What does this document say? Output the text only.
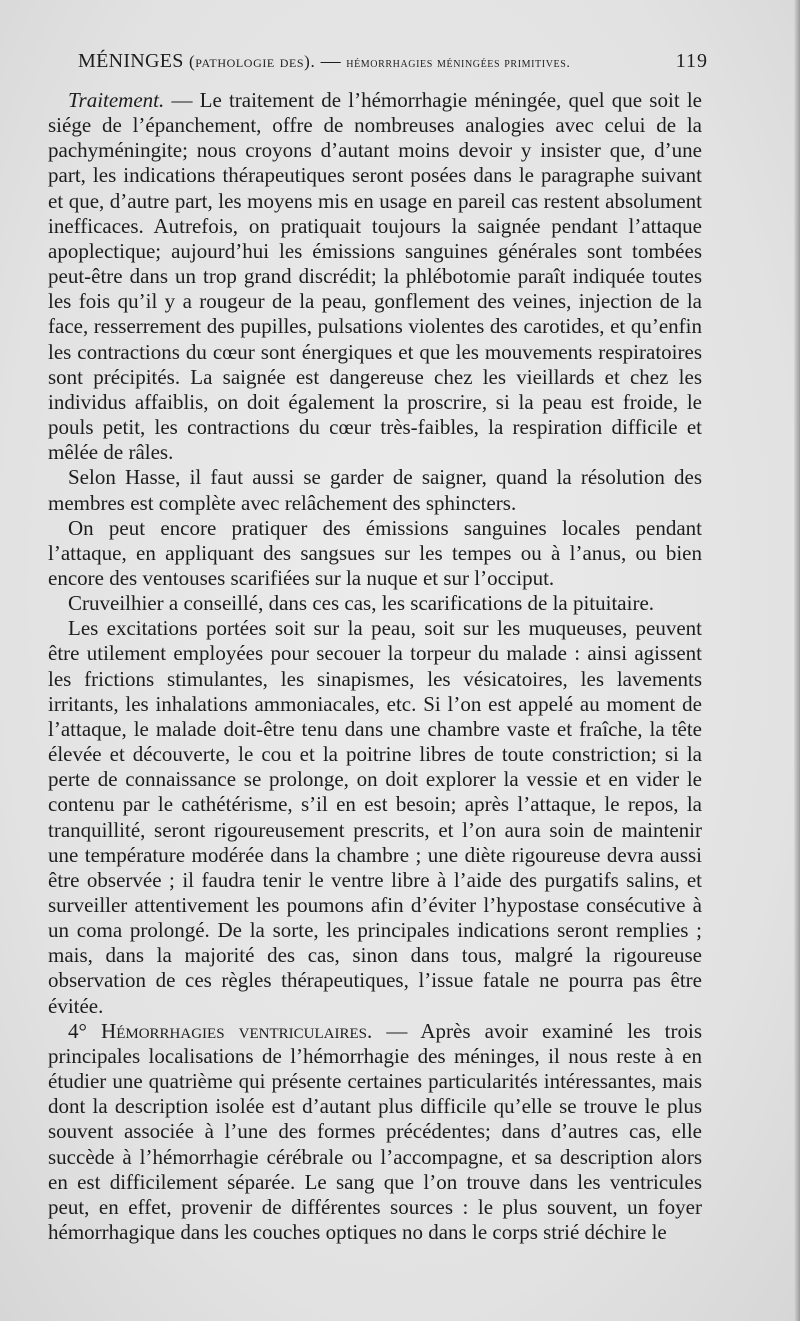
MÉNINGES (pathologie des). — hémorrhagies méningées primitives.	119

Traitement. — Le traitement de l’hémorrhagie méningée, quel que soit le siége de l’épanchement, offre de nombreuses analogies avec celui de la pachyméningite; nous croyons d’autant moins devoir y insister que, d’une part, les indications thérapeutiques seront posées dans le paragraphe suivant et que, d’autre part, les moyens mis en usage en pareil cas restent absolument inefficaces. Autrefois, on pratiquait toujours la saignée pendant l’attaque apoplectique; aujourd’hui les émissions sanguines générales sont tombées peut-être dans un trop grand discrédit; la phlébotomie paraît indiquée toutes les fois qu’il y a rougeur de la peau, gonflement des veines, injection de la face, resserrement des pupilles, pulsations violentes des carotides, et qu’enfin les contractions du cœur sont énergiques et que les mouvements respiratoires sont précipités. La saignée est dangereuse chez les vieillards et chez les individus affaiblis, on doit également la proscrire, si la peau est froide, le pouls petit, les contractions du cœur très-faibles, la respiration difficile et mêlée de râles.

Selon Hasse, il faut aussi se garder de saigner, quand la résolution des membres est complète avec relâchement des sphincters.

On peut encore pratiquer des émissions sanguines locales pendant l’attaque, en appliquant des sangsues sur les tempes ou à l’anus, ou bien encore des ventouses scarifiées sur la nuque et sur l’occiput.

Cruveilhier a conseillé, dans ces cas, les scarifications de la pituitaire.

Les excitations portées soit sur la peau, soit sur les muqueuses, peuvent être utilement employées pour secouer la torpeur du malade : ainsi agissent les frictions stimulantes, les sinapismes, les vésicatoires, les lavements irritants, les inhalations ammoniacales, etc. Si l’on est appelé au moment de l’attaque, le malade doit-être tenu dans une chambre vaste et fraîche, la tête élevée et découverte, le cou et la poitrine libres de toute constriction; si la perte de connaissance se prolonge, on doit explorer la vessie et en vider le contenu par le cathétérisme, s’il en est besoin; après l’attaque, le repos, la tranquillité, seront rigoureusement prescrits, et l’on aura soin de maintenir une température modérée dans la chambre ; une diète rigoureuse devra aussi être observée ; il faudra tenir le ventre libre à l’aide des purgatifs salins, et surveiller attentivement les poumons afin d’éviter l’hypostase consécutive à un coma prolongé. De la sorte, les principales indications seront remplies ; mais, dans la majorité des cas, sinon dans tous, malgré la rigoureuse observation de ces règles thérapeutiques, l’issue fatale ne pourra pas être évitée.

4° Hémorrhagies ventriculaires. — Après avoir examiné les trois principales localisations de l’hémorrhagie des méninges, il nous reste à en étudier une quatrième qui présente certaines particularités intéressantes, mais dont la description isolée est d’autant plus difficile qu’elle se trouve le plus souvent associée à l’une des formes précédentes; dans d’autres cas, elle succède à l’hémorrhagie cérébrale ou l’accompagne, et sa description alors en est difficilement séparée. Le sang que l’on trouve dans les ventricules peut, en effet, provenir de différentes sources : le plus souvent, un foyer hémorrhagique dans les couches optiques no dans le corps strié déchire le
